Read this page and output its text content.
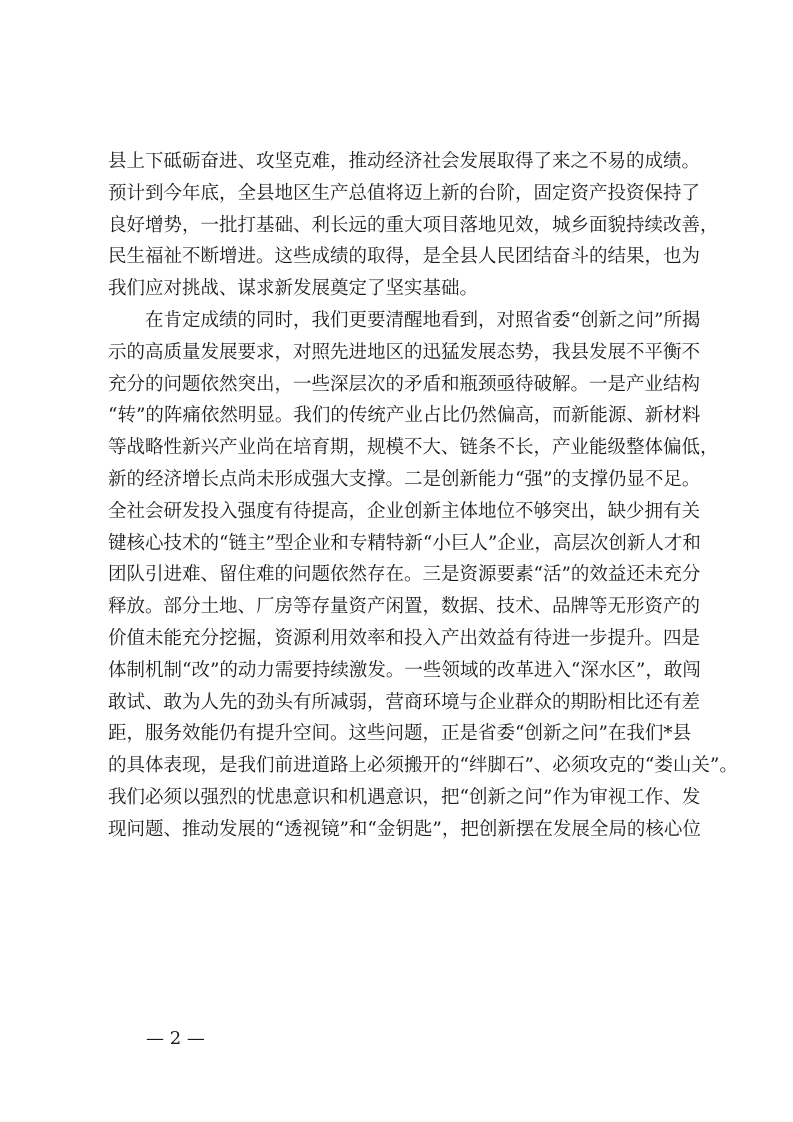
县上下砥砺奋进、攻坚克难，推动经济社会发展取得了来之不易的成绩。
预计到今年底，全县地区生产总值将迈上新的台阶，固定资产投资保持了
良好增势，一批打基础、利长远的重大项目落地见效，城乡面貌持续改善，
民生福祉不断增进。这些成绩的取得，是全县人民团结奋斗的结果，也为
我们应对挑战、谋求新发展奠定了坚实基础。
在肯定成绩的同时，我们更要清醒地看到，对照省委“创新之问”所揭
示的高质量发展要求，对照先进地区的迅猛发展态势，我县发展不平衡不
充分的问题依然突出，一些深层次的矛盾和瓶颈亟待破解。一是产业结构
“转”的阵痛依然明显。我们的传统产业占比仍然偏高，而新能源、新材料
等战略性新兴产业尚在培育期，规模不大、链条不长，产业能级整体偏低，
新的经济增长点尚未形成强大支撑。二是创新能力“强”的支撑仍显不足。
全社会研发投入强度有待提高，企业创新主体地位不够突出，缺少拥有关
键核心技术的“链主”型企业和专精特新“小巨人”企业，高层次创新人才和
团队引进难、留住难的问题依然存在。三是资源要素“活”的效益还未充分
释放。部分土地、厂房等存量资产闲置，数据、技术、品牌等无形资产的
价值未能充分挖掘，资源利用效率和投入产出效益有待进一步提升。四是
体制机制“改”的动力需要持续激发。一些领域的改革进入“深水区”，敢闯
敢试、敢为人先的劲头有所减弱，营商环境与企业群众的期盼相比还有差
距，服务效能仍有提升空间。这些问题，正是省委“创新之问”在我们*县
的具体表现，是我们前进道路上必须搬开的“绊脚石”、必须攻克的“娄山关”。
我们必须以强烈的忧患意识和机遇意识，把“创新之问”作为审视工作、发
现问题、推动发展的“透视镜”和“金钥匙”，把创新摆在发展全局的核心位
— 2 —
